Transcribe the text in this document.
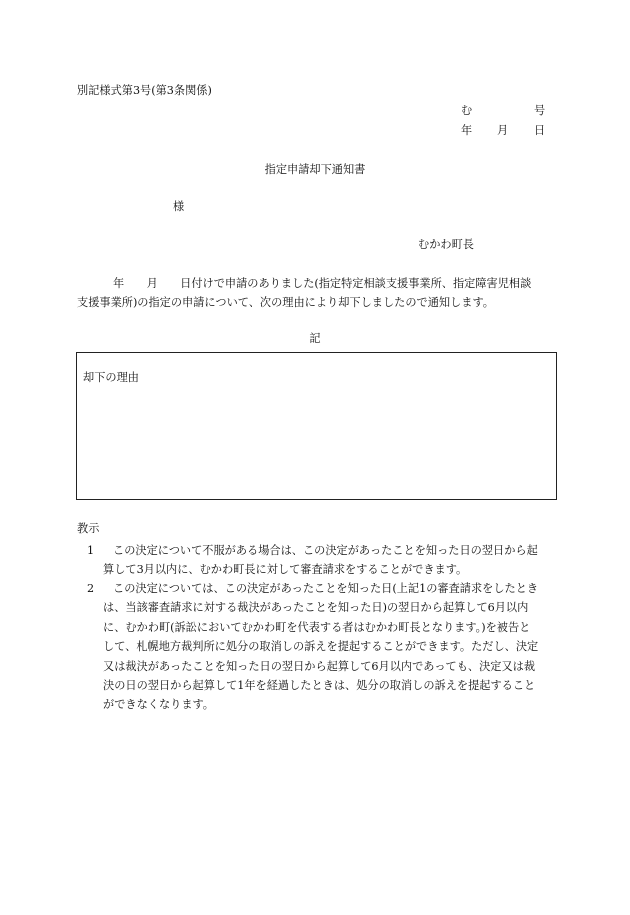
別記様式第3号(第3条関係)
む	号
年 月 日
指定申請却下通知書
様
むかわ町長

年　　月　　日付けで申請のありました(指定特定相談支援事業所、指定障害児相談

支援事業所)の指定の申請について、次の理由により却下しましたので通知します。

記
却下の理由
教示
1	この決定について不服がある場合は、この決定があったことを知った日の翌日から起
算して3月以内に、むかわ町長に対して審査請求をすることができます。
2	この決定については、この決定があったことを知った日(上記1の審査請求をしたとき
は、当該審査請求に対する裁決があったことを知った日)の翌日から起算して6月以内
に、むかわ町(訴訟においてむかわ町を代表する者はむかわ町長となります。)を被告と
して、札幌地方裁判所に処分の取消しの訴えを提起することができます。ただし、決定
又は裁決があったことを知った日の翌日から起算して6月以内であっても、決定又は裁
決の日の翌日から起算して1年を経過したときは、処分の取消しの訴えを提起すること
ができなくなります。
